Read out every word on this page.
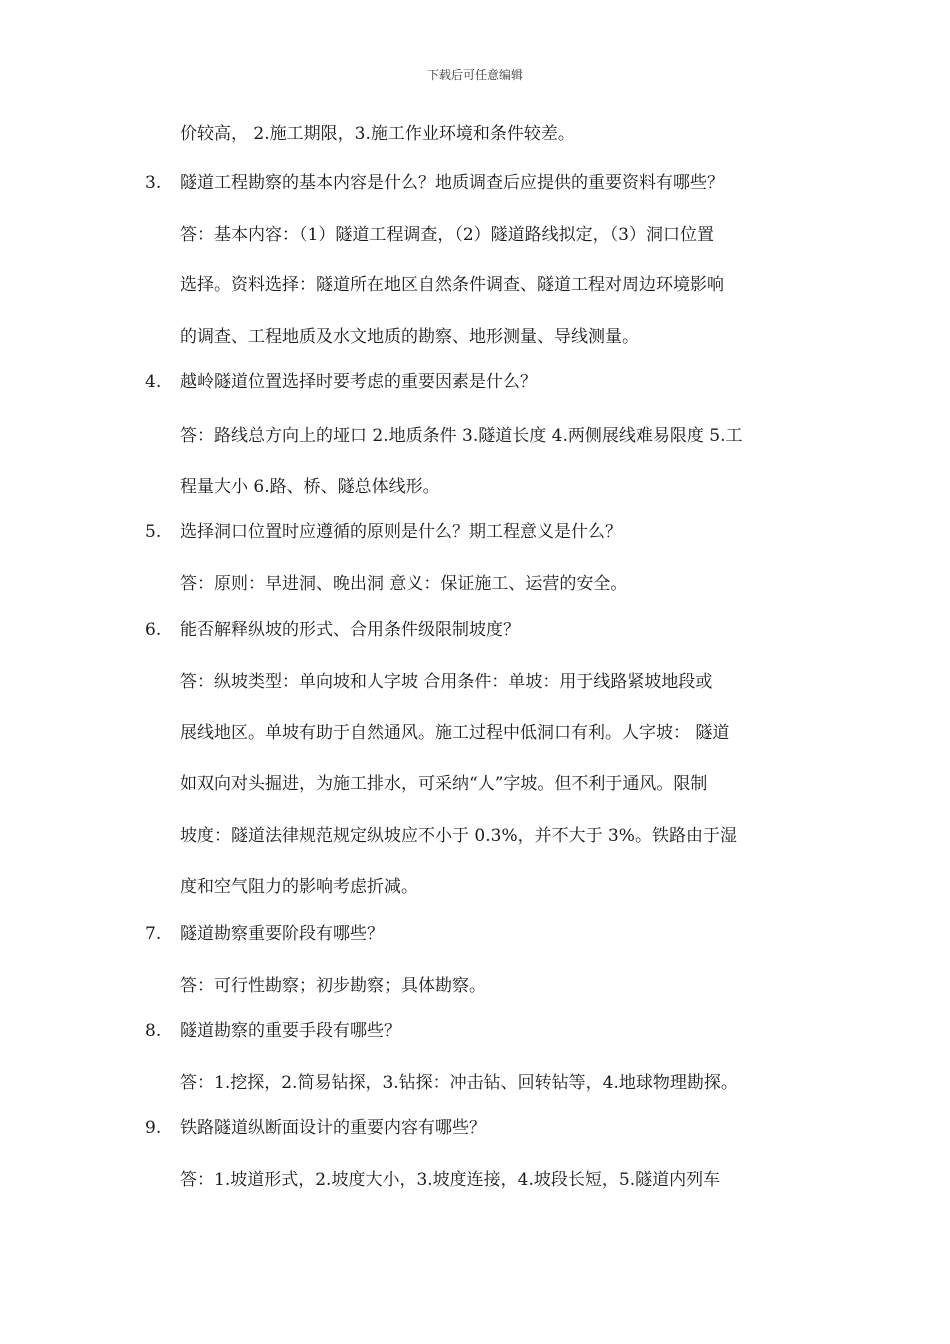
下载后可任意编辑
价较高， 2.施工期限，3.施工作业环境和条件较差。
3. 隧道工程勘察的基本内容是什么？地质调查后应提供的重要资料有哪些？
答：基本内容：（1）隧道工程调查，（2）隧道路线拟定，（3）洞口位置
选择。资料选择：隧道所在地区自然条件调查、隧道工程对周边环境影响
的调查、工程地质及水文地质的勘察、地形测量、导线测量。
4. 越岭隧道位置选择时要考虑的重要因素是什么？
答：路线总方向上的垭口 2.地质条件 3.隧道长度 4.两侧展线难易限度 5.工
程量大小 6.路、桥、隧总体线形。
5. 选择洞口位置时应遵循的原则是什么？期工程意义是什么？
答：原则：早进洞、晚出洞 意义：保证施工、运营的安全。
6. 能否解释纵坡的形式、合用条件级限制坡度？
答：纵坡类型：单向坡和人字坡 合用条件：单坡：用于线路紧坡地段或
展线地区。单坡有助于自然通风。施工过程中低洞口有利。人字坡： 隧道
如双向对头掘进，为施工排水，可采纳“人”字坡。但不利于通风。限制
坡度：隧道法律规范规定纵坡应不小于 0.3%，并不大于 3%。铁路由于湿
度和空气阻力的影响考虑折减。
7. 隧道勘察重要阶段有哪些？
答：可行性勘察；初步勘察；具体勘察。
8. 隧道勘察的重要手段有哪些？
答：1.挖探，2.简易钻探，3.钻探：冲击钻、回转钻等，4.地球物理勘探。
9. 铁路隧道纵断面设计的重要内容有哪些？
答：1.坡道形式，2.坡度大小，3.坡度连接，4.坡段长短，5.隧道内列车
